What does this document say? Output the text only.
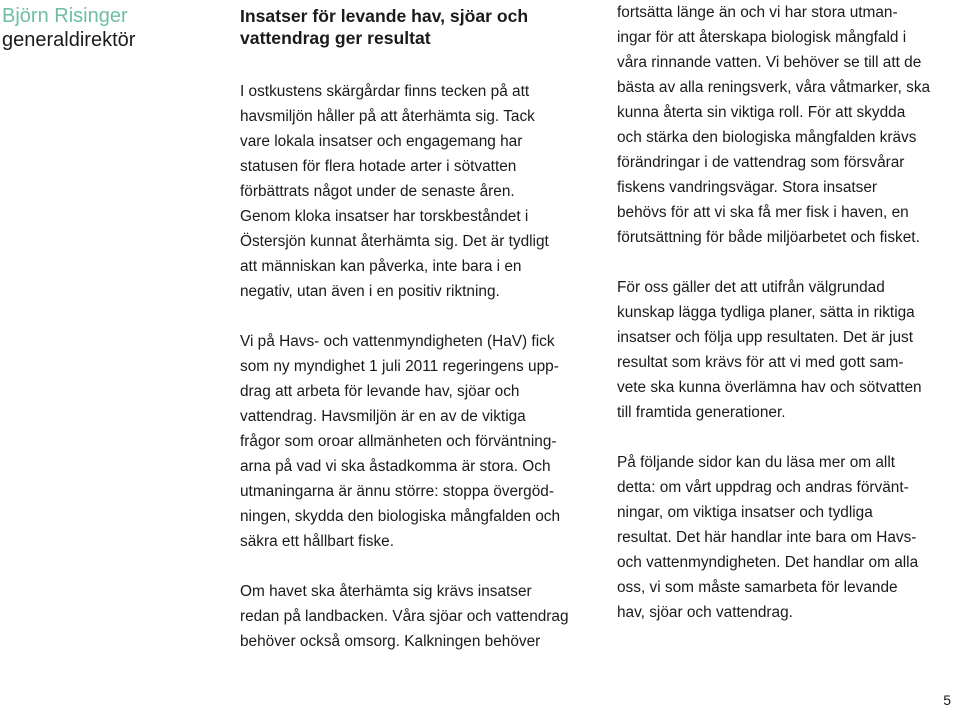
Björn Risinger
generaldirektör
Insatser för levande hav, sjöar och
vattendrag ger resultat

I ostkustens skärgårdar finns tecken på att
havsmiljön håller på att återhämta sig. Tack
vare lokala insatser och engagemang har
statusen för flera hotade arter i sötvatten
förbättrats något under de senaste åren.
Genom kloka insatser har torskbeståndet i
Östersjön kunnat återhämta sig. Det är tydligt
att människan kan påverka, inte bara i en
negativ, utan även i en positiv riktning.

Vi på Havs- och vattenmyndigheten (HaV) fick
som ny myndighet 1 juli 2011 regeringens upp-
drag att arbeta för levande hav, sjöar och
vattendrag. Havsmiljön är en av de viktiga
frågor som oroar allmänheten och förväntning-
arna på vad vi ska åstadkomma är stora. Och
utmaningarna är ännu större: stoppa övergöd-
ningen, skydda den biologiska mångfalden och
säkra ett hållbart fiske.

Om havet ska återhämta sig krävs insatser
redan på landbacken. Våra sjöar och vattendrag
behöver också omsorg. Kalkningen behöver

fortsätta länge än och vi har stora utman-
ingar för att återskapa biologisk mångfald i
våra rinnande vatten. Vi behöver se till att de
bästa av alla reningsverk, våra våtmarker, ska
kunna återta sin viktiga roll. För att skydda
och stärka den biologiska mångfalden krävs
förändringar i de vattendrag som försvårar
fiskens vandringsvägar. Stora insatser
behövs för att vi ska få mer fisk i haven, en
förutsättning för både miljöarbetet och fisket.

För oss gäller det att utifrån välgrundad
kunskap lägga tydliga planer, sätta in riktiga
insatser och följa upp resultaten. Det är just
resultat som krävs för att vi med gott sam-
vete ska kunna överlämna hav och sötvatten
till framtida generationer.

På följande sidor kan du läsa mer om allt
detta: om vårt uppdrag och andras förvänt-
ningar, om viktiga insatser och tydliga
resultat. Det här handlar inte bara om Havs-
och vattenmyndigheten. Det handlar om alla
oss, vi som måste samarbeta för levande
hav, sjöar och vattendrag.

5
